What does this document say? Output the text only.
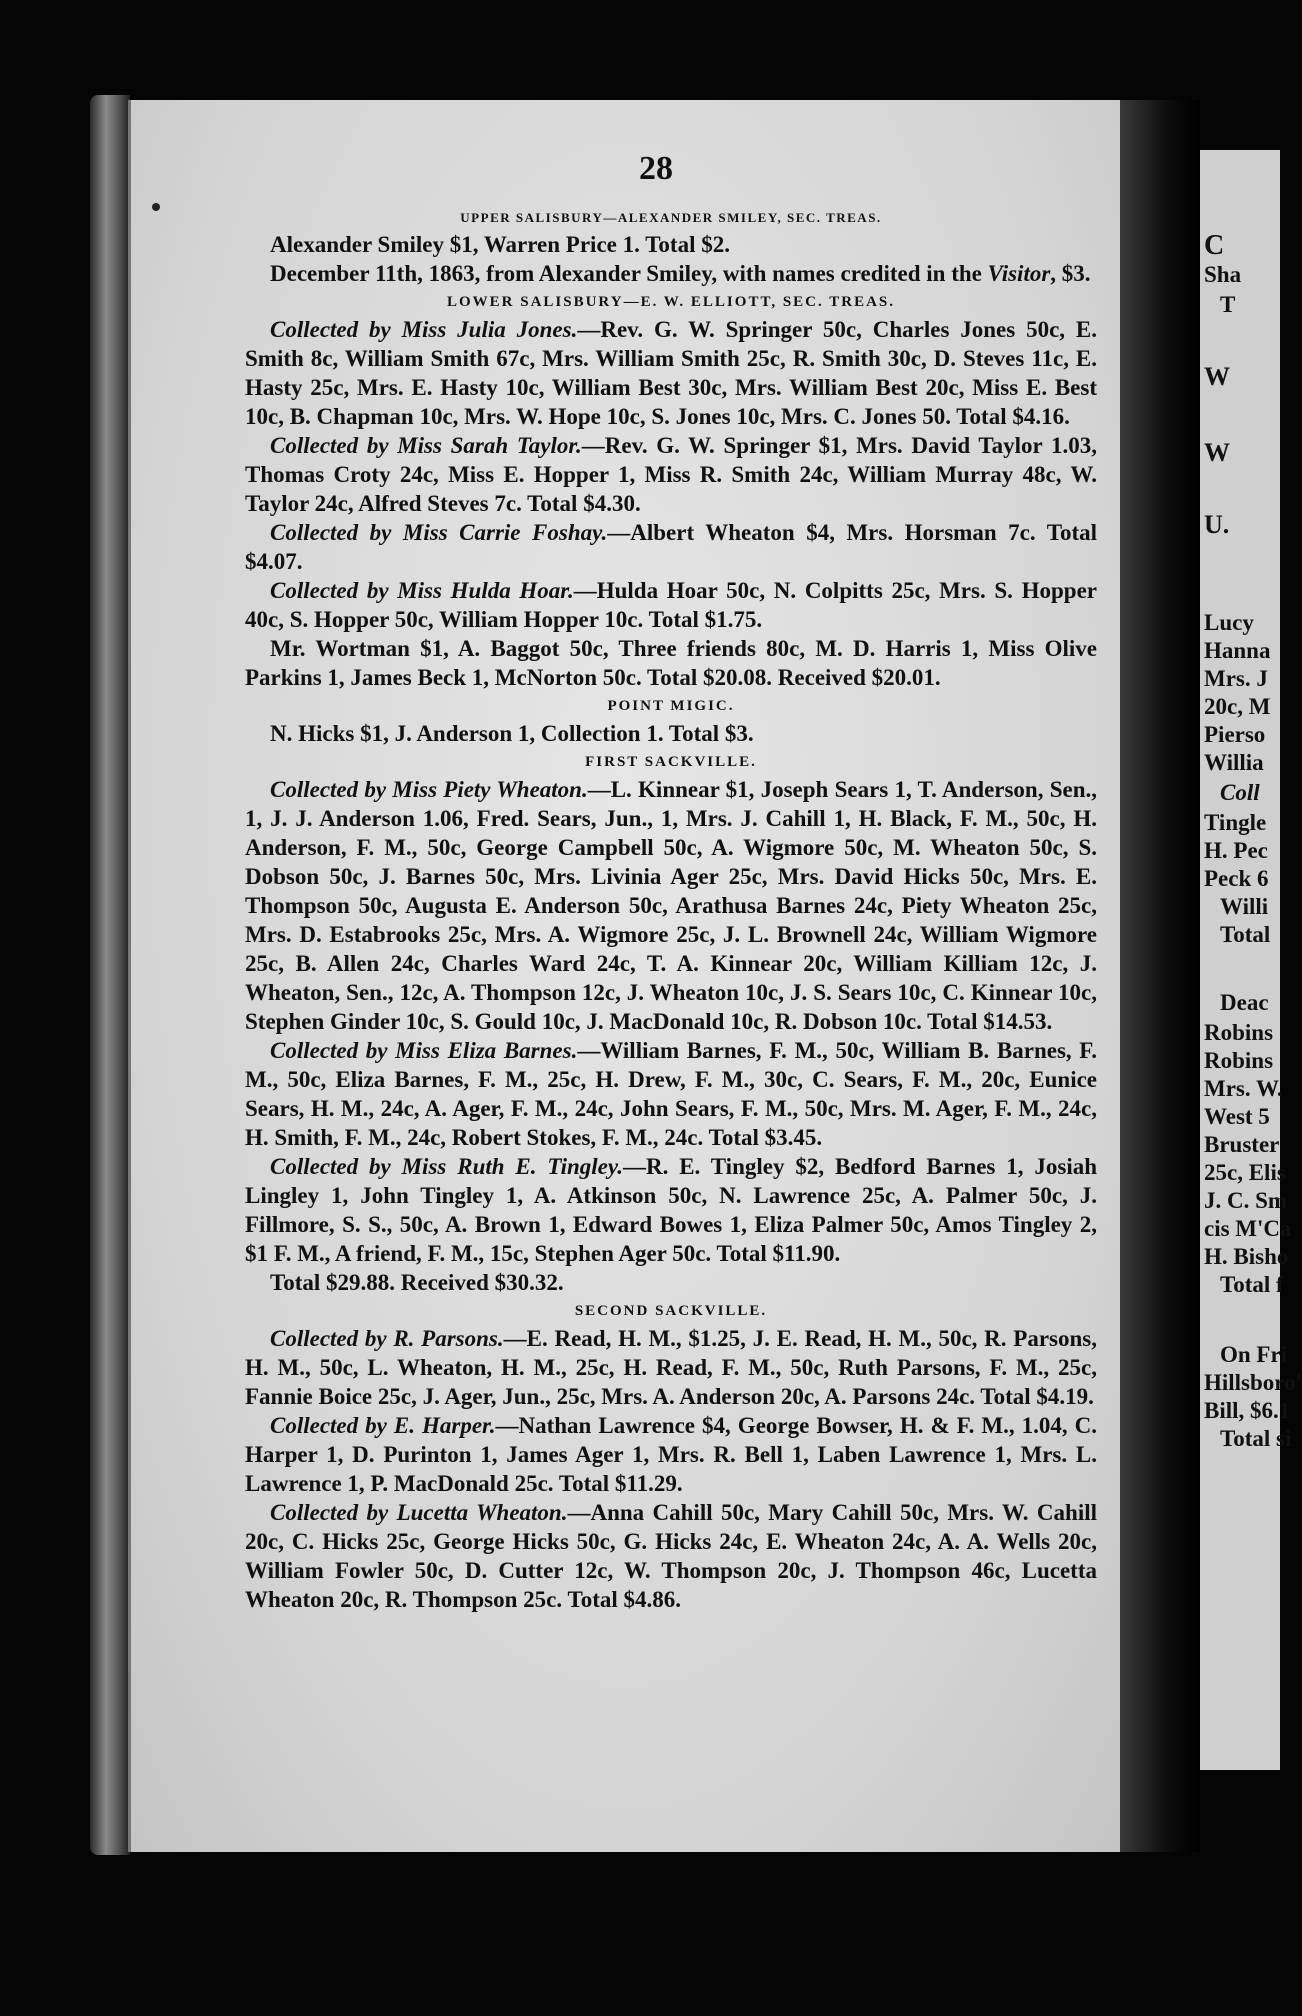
28
UPPER SALISBURY—ALEXANDER SMILEY, SEC. TREAS.

Alexander Smiley $1, Warren Price 1. Total $2.

December 11th, 1863, from Alexander Smiley, with names credited in the Visitor, $3.

LOWER SALISBURY—E. W. ELLIOTT, SEC. TREAS.

Collected by Miss Julia Jones.—Rev. G. W. Springer 50c, Charles Jones 50c, E. Smith 8c, William Smith 67c, Mrs. William Smith 25c, R. Smith 30c, D. Steves 11c, E. Hasty 25c, Mrs. E. Hasty 10c, William Best 30c, Mrs. William Best 20c, Miss E. Best 10c, B. Chapman 10c, Mrs. W. Hope 10c, S. Jones 10c, Mrs. C. Jones 50. Total $4.16.

Collected by Miss Sarah Taylor.—Rev. G. W. Springer $1, Mrs. David Taylor 1.03, Thomas Croty 24c, Miss E. Hopper 1, Miss R. Smith 24c, William Murray 48c, W. Taylor 24c, Alfred Steves 7c. Total $4.30.

Collected by Miss Carrie Foshay.—Albert Wheaton $4, Mrs. Horsman 7c. Total $4.07.

Collected by Miss Hulda Hoar.—Hulda Hoar 50c, N. Colpitts 25c, Mrs. S. Hopper 40c, S. Hopper 50c, William Hopper 10c. Total $1.75.

Mr. Wortman $1, A. Baggot 50c, Three friends 80c, M. D. Harris 1, Miss Olive Parkins 1, James Beck 1, McNorton 50c. Total $20.08. Received $20.01.

POINT MIGIC.

N. Hicks $1, J. Anderson 1, Collection 1. Total $3.

FIRST SACKVILLE.

Collected by Miss Piety Wheaton.—L. Kinnear $1, Joseph Sears 1, T. Anderson, Sen., 1, J. J. Anderson 1.06, Fred. Sears, Jun., 1, Mrs. J. Cahill 1, H. Black, F. M., 50c, H. Anderson, F. M., 50c, George Campbell 50c, A. Wigmore 50c, M. Wheaton 50c, S. Dobson 50c, J. Barnes 50c, Mrs. Livinia Ager 25c, Mrs. David Hicks 50c, Mrs. E. Thompson 50c, Augusta E. Anderson 50c, Arathusa Barnes 24c, Piety Wheaton 25c, Mrs. D. Estabrooks 25c, Mrs. A. Wigmore 25c, J. L. Brownell 24c, William Wigmore 25c, B. Allen 24c, Charles Ward 24c, T. A. Kinnear 20c, William Killiam 12c, J. Wheaton, Sen., 12c, A. Thompson 12c, J. Wheaton 10c, J. S. Sears 10c, C. Kinnear 10c, Stephen Ginder 10c, S. Gould 10c, J. MacDonald 10c, R. Dobson 10c. Total $14.53.

Collected by Miss Eliza Barnes.—William Barnes, F. M., 50c, William B. Barnes, F. M., 50c, Eliza Barnes, F. M., 25c, H. Drew, F. M., 30c, C. Sears, F. M., 20c, Eunice Sears, H. M., 24c, A. Ager, F. M., 24c, John Sears, F. M., 50c, Mrs. M. Ager, F. M., 24c, H. Smith, F. M., 24c, Robert Stokes, F. M., 24c. Total $3.45.

Collected by Miss Ruth E. Tingley.—R. E. Tingley $2, Bedford Barnes 1, Josiah Lingley 1, John Tingley 1, A. Atkinson 50c, N. Lawrence 25c, A. Palmer 50c, J. Fillmore, S. S., 50c, A. Brown 1, Edward Bowes 1, Eliza Palmer 50c, Amos Tingley 2, $1 F. M., A friend, F. M., 15c, Stephen Ager 50c. Total $11.90.

Total $29.88. Received $30.32.

SECOND SACKVILLE.

Collected by R. Parsons.—E. Read, H. M., $1.25, J. E. Read, H. M., 50c, R. Parsons, H. M., 50c, L. Wheaton, H. M., 25c, H. Read, F. M., 50c, Ruth Parsons, F. M., 25c, Fannie Boice 25c, J. Ager, Jun., 25c, Mrs. A. Anderson 20c, A. Parsons 24c. Total $4.19.

Collected by E. Harper.—Nathan Lawrence $4, George Bowser, H. & F. M., 1.04, C. Harper 1, D. Purinton 1, James Ager 1, Mrs. R. Bell 1, Laben Lawrence 1, Mrs. L. Lawrence 1, P. MacDonald 25c. Total $11.29.

Collected by Lucetta Wheaton.—Anna Cahill 50c, Mary Cahill 50c, Mrs. W. Cahill 20c, C. Hicks 25c, George Hicks 50c, G. Hicks 24c, E. Wheaton 24c, A. A. Wells 20c, William Fowler 50c, D. Cutter 12c, W. Thompson 20c, J. Thompson 46c, Lucetta Wheaton 20c, R. Thompson 25c. Total $4.86.

C
Sha
T
W
W
U.
Lucy
Hanna
Mrs. J
20c, M
Pierso
Willia
Coll
Tingle
H. Pec
Peck 6
Willi
Total
Deac
Robins
Robins
Mrs. W.
West 5
Bruster
25c, Elis
J. C. Sm
cis M'Ca
H. Bisho
Total f
On Fri
Hillsboro'
Bill, $6.1
Total si
